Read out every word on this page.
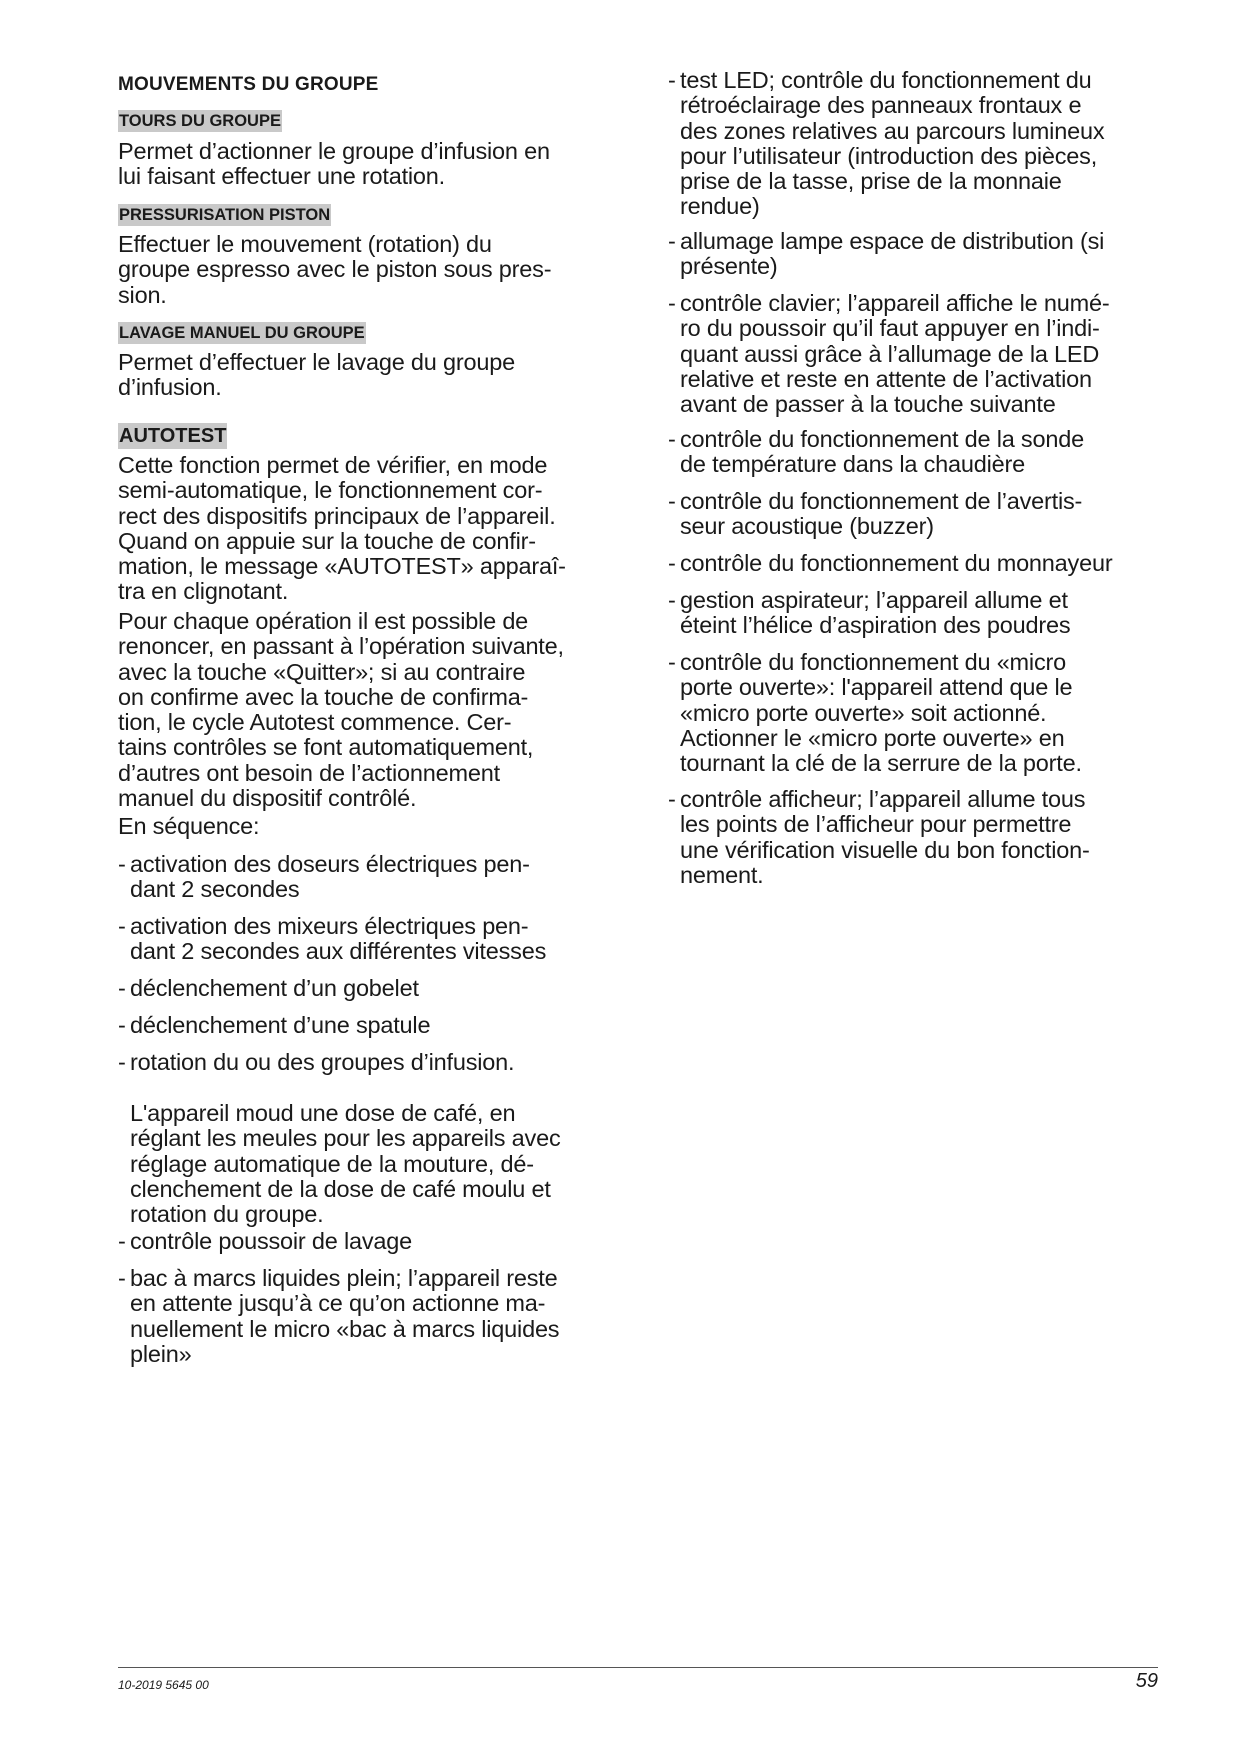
MOUVEMENTS DU GROUPE
TOURS DU GROUPE
Permet d’actionner le groupe d’infusion en
lui faisant effectuer une rotation.
PRESSURISATION PISTON
Effectuer le mouvement (rotation) du
groupe espresso avec le piston sous pres-
sion.
LAVAGE MANUEL DU GROUPE
Permet d’effectuer le lavage du groupe
d’infusion.
AUTOTEST
Cette fonction permet de vérifier, en mode
semi-automatique, le fonctionnement cor-
rect des dispositifs principaux de l’appareil.
Quand on appuie sur la touche de confir-
mation, le message «AUTOTEST» apparaî-
tra en clignotant.
Pour chaque opération il est possible de
renoncer, en passant à l’opération suivante,
avec la touche «Quitter»; si au contraire
on confirme avec la touche de confirma-
tion, le cycle Autotest commence. Cer-
tains contrôles se font automatiquement,
d’autres ont besoin de l’actionnement
manuel du dispositif contrôlé.
En séquence:
- activation des doseurs électriques pen-
dant 2 secondes
- activation des mixeurs électriques pen-
dant 2 secondes aux différentes vitesses
- déclenchement d’un gobelet
- déclenchement d’une spatule
- rotation du ou des groupes d’infusion.
L'appareil moud une dose de café, en
réglant les meules pour les appareils avec
réglage automatique de la mouture, dé-
clenchement de la dose de café moulu et
rotation du groupe.
- contrôle poussoir de lavage
- bac à marcs liquides plein; l’appareil reste
en attente jusqu’à ce qu’on actionne ma-
nuellement le micro «bac à marcs liquides
plein»
- test LED; contrôle du fonctionnement du
rétroéclairage des panneaux frontaux e
des zones relatives au parcours lumineux
pour l’utilisateur (introduction des pièces,
prise de la tasse, prise de la monnaie
rendue)
- allumage lampe espace de distribution (si
présente)
- contrôle clavier; l’appareil affiche le numé-
ro du poussoir qu’il faut appuyer en l’indi-
quant aussi grâce à l’allumage de la LED
relative et reste en attente de l’activation
avant de passer à la touche suivante
- contrôle du fonctionnement de la sonde
de température dans la chaudière
- contrôle du fonctionnement de l’avertis-
seur acoustique (buzzer)
- contrôle du fonctionnement du monnayeur
- gestion aspirateur; l’appareil allume et
éteint l’hélice d’aspiration des poudres
- contrôle du fonctionnement du «micro
porte ouverte»: l'appareil attend que le
«micro porte ouverte» soit actionné.
Actionner le «micro porte ouverte» en
tournant la clé de la serrure de la porte.
- contrôle afficheur; l’appareil allume tous
les points de l’afficheur pour permettre
une vérification visuelle du bon fonction-
nement.
10-2019 5645 00	59
